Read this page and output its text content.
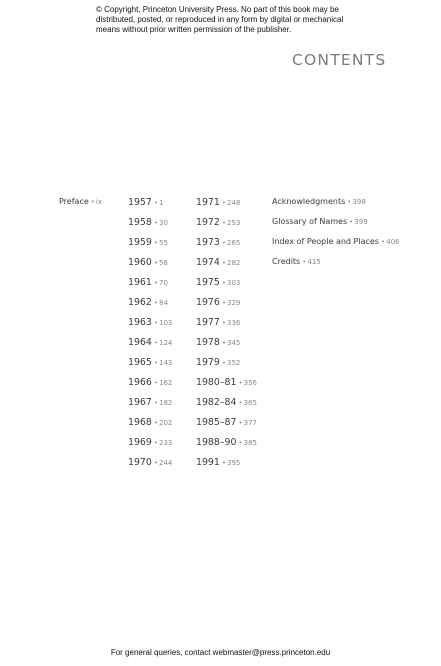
© Copyright, Princeton University Press. No part of this book may be distributed, posted, or reproduced in any form by digital or mechanical means without prior written permission of the publisher.
CONTENTS
Preface •ix	1957 •1
1958 •30
1959 •55
1960 •58
1961 •70
1962 •84
1963 •103
1964 •124
1965 •143
1966 •162
1967 •182
1968 •202
1969 •233
1970 •244
1971 •248
1972 •253
1973 •265
1974 •282
1975 •303
1976 •329
1977 •336
1978 •345
1979 •352
1980–81 •356
1982–84 •365
1985–87 •377
1988–90 •385
1991 •395
Acknowledgments •398
Glossary of Names •399
Index of People and Places •406
Credits •415
For general queries, contact webmaster@press.princeton.edu
